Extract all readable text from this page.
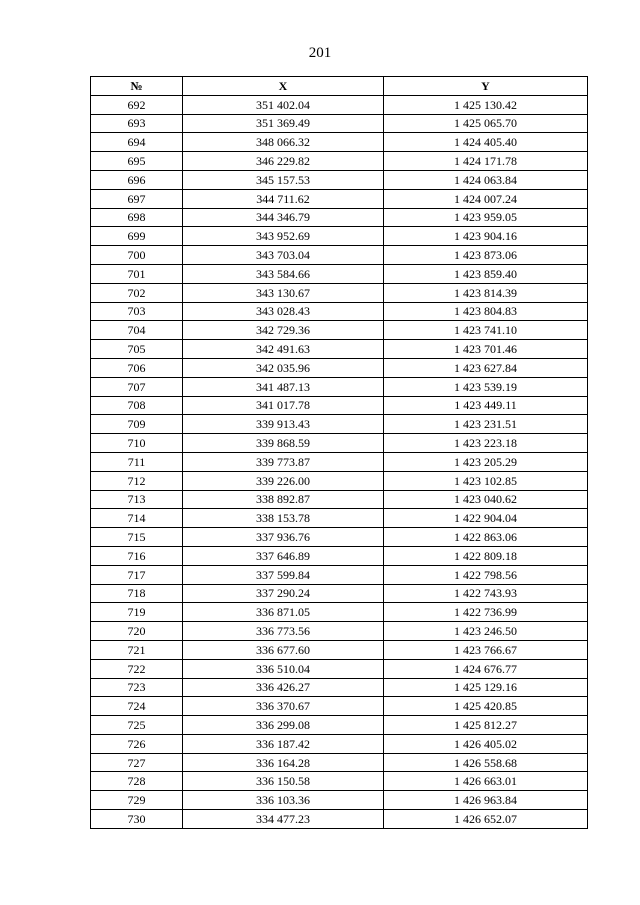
201
№	X	Y
692	351 402.04	1 425 130.42
693	351 369.49	1 425 065.70
694	348 066.32	1 424 405.40
695	346 229.82	1 424 171.78
696	345 157.53	1 424 063.84
697	344 711.62	1 424 007.24
698	344 346.79	1 423 959.05
699	343 952.69	1 423 904.16
700	343 703.04	1 423 873.06
701	343 584.66	1 423 859.40
702	343 130.67	1 423 814.39
703	343 028.43	1 423 804.83
704	342 729.36	1 423 741.10
705	342 491.63	1 423 701.46
706	342 035.96	1 423 627.84
707	341 487.13	1 423 539.19
708	341 017.78	1 423 449.11
709	339 913.43	1 423 231.51
710	339 868.59	1 423 223.18
711	339 773.87	1 423 205.29
712	339 226.00	1 423 102.85
713	338 892.87	1 423 040.62
714	338 153.78	1 422 904.04
715	337 936.76	1 422 863.06
716	337 646.89	1 422 809.18
717	337 599.84	1 422 798.56
718	337 290.24	1 422 743.93
719	336 871.05	1 422 736.99
720	336 773.56	1 423 246.50
721	336 677.60	1 423 766.67
722	336 510.04	1 424 676.77
723	336 426.27	1 425 129.16
724	336 370.67	1 425 420.85
725	336 299.08	1 425 812.27
726	336 187.42	1 426 405.02
727	336 164.28	1 426 558.68
728	336 150.58	1 426 663.01
729	336 103.36	1 426 963.84
730	334 477.23	1 426 652.07
